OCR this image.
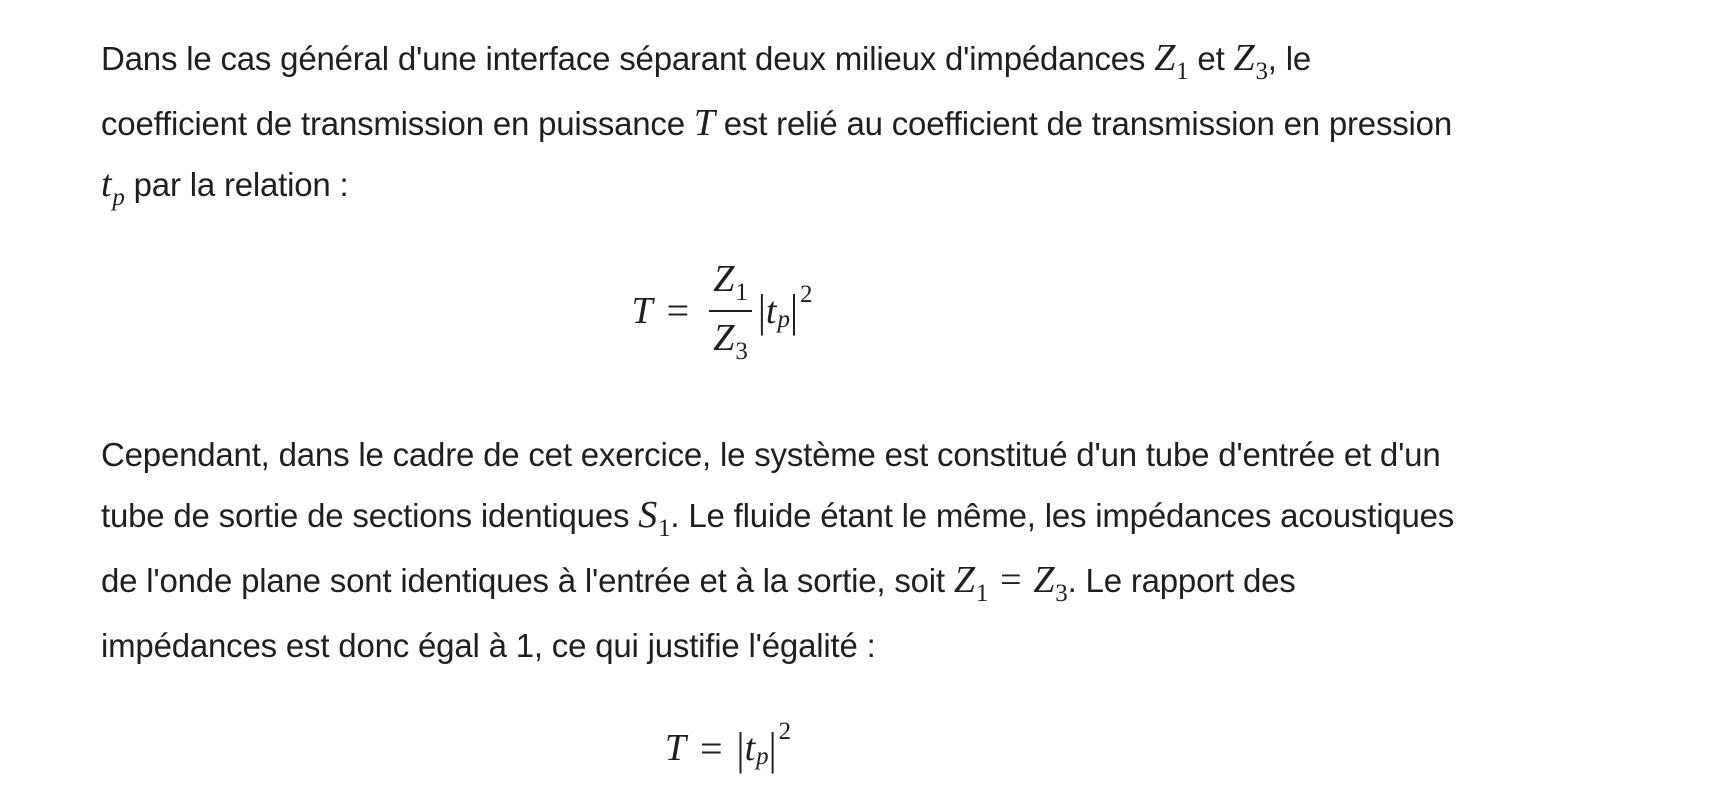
Dans le cas général d'une interface séparant deux milieux d'impédances $Z_1$ et $Z_3$, le
coefficient de transmission en puissance T est relié au coefficient de transmission en pression
$t_p$ par la relation :

$T = \frac{Z_1}{Z_3}$ | t p | 2

Cependant, dans le cadre de cet exercice, le système est constitué d'un tube d'entrée et d'un
tube de sortie de sections identiques $S_1$. Le fluide étant le même, les impédances acoustiques
de l'onde plane sont identiques à l'entrée et à la sortie, soit $Z_1 = Z_3$. Le rapport des
impédances est donc égal à 1, ce qui justifie l'égalité :

T = | t p | 2
